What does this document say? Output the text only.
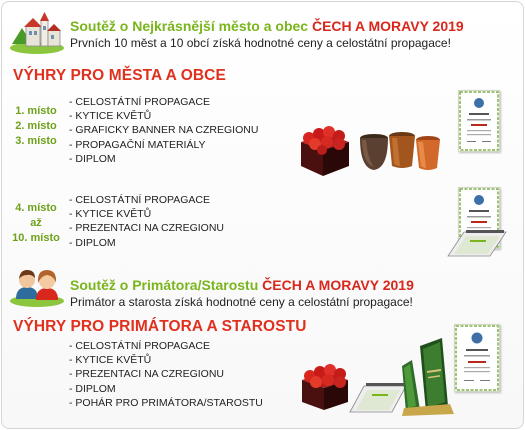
Soutěž o Nejkrásnější město a obec ČECH A MORAVY 2019
Prvních 10 měst a 10 obcí získá hodnotné ceny a celostátní propagace!
VÝHRY PRO MĚSTA A OBCE
1. místo
2. místo
3. místo
- CELOSTÁTNÍ PROPAGACE
- KYTICE KVĚTŮ
- GRAFICKY BANNER NA CZREGIONU
- PROPAGAČNÍ MATERIÁLY
- DIPLOM
4. místo
až
10. místo
- CELOSTÁTNÍ PROPAGACE
- KYTICE KVĚTŮ
- PREZENTACI NA CZREGIONU
- DIPLOM
Soutěž o Primátora/Starostu ČECH A MORAVY 2019
Primátor a starosta získá hodnotné ceny a celostátní propagace!
VÝHRY PRO PRIMÁTORA A STAROSTU
- CELOSTÁTNÍ PROPAGACE
- KYTICE KVĚTŮ
- PREZENTACI NA CZREGIONU
- DIPLOM
- POHÁR PRO PRIMÁTORA/STAROSTU
